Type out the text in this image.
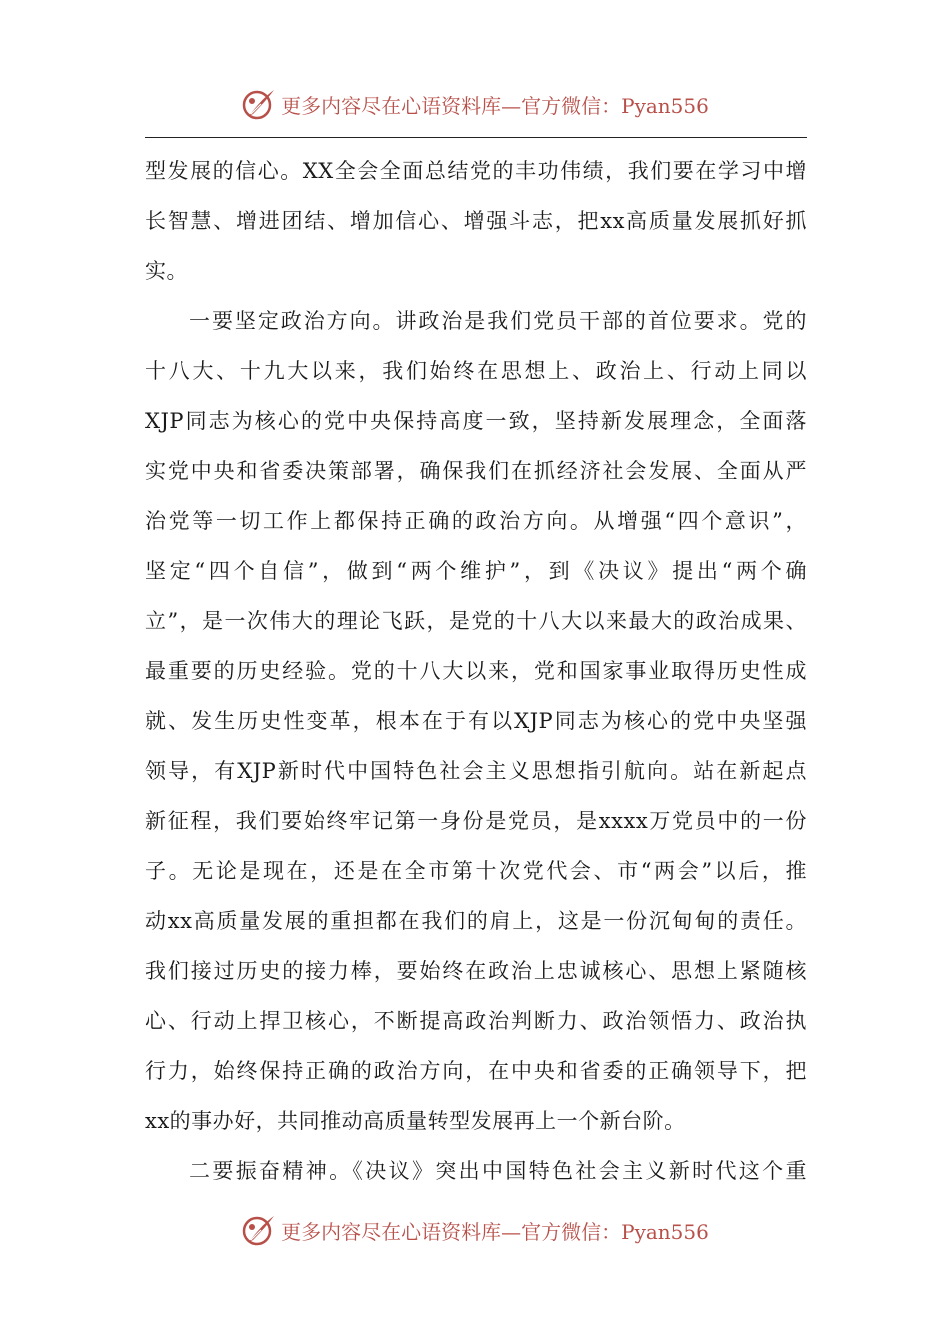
更多内容尽在心语资料库—官方微信：Pyan556
型发展的信心。XX全会全面总结党的丰功伟绩，我们要在学习中增
长智慧、增进团结、增加信心、增强斗志，把xx高质量发展抓好抓
实。
一要坚定政治方向。讲政治是我们党员干部的首位要求。党的
十八大、十九大以来，我们始终在思想上、政治上、行动上同以
XJP同志为核心的党中央保持高度一致，坚持新发展理念，全面落
实党中央和省委决策部署，确保我们在抓经济社会发展、全面从严
治党等一切工作上都保持正确的政治方向。从增强“四个意识”，
坚定“四个自信”，做到“两个维护”，到《决议》提出“两个确
立”，是一次伟大的理论飞跃，是党的十八大以来最大的政治成果、
最重要的历史经验。党的十八大以来，党和国家事业取得历史性成
就、发生历史性变革，根本在于有以XJP同志为核心的党中央坚强
领导，有XJP新时代中国特色社会主义思想指引航向。站在新起点
新征程，我们要始终牢记第一身份是党员，是xxxx万党员中的一份
子。无论是现在，还是在全市第十次党代会、市“两会”以后，推
动xx高质量发展的重担都在我们的肩上，这是一份沉甸甸的责任。
我们接过历史的接力棒，要始终在政治上忠诚核心、思想上紧随核
心、行动上捍卫核心，不断提高政治判断力、政治领悟力、政治执
行力，始终保持正确的政治方向，在中央和省委的正确领导下，把
xx的事办好，共同推动高质量转型发展再上一个新台阶。
二要振奋精神。《决议》突出中国特色社会主义新时代这个重
更多内容尽在心语资料库—官方微信：Pyan556
